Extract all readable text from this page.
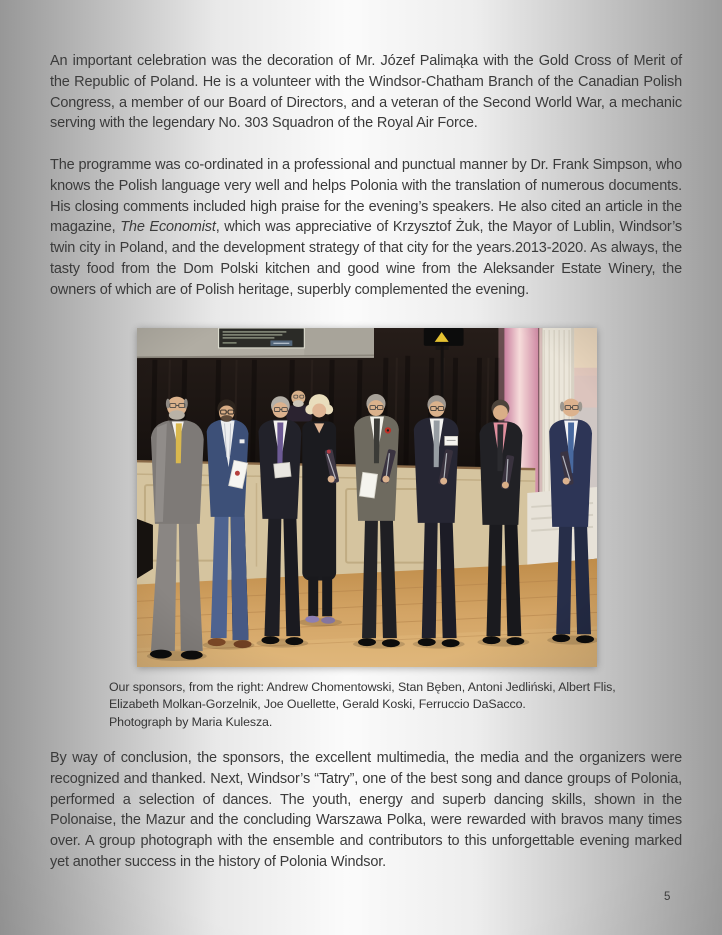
An important celebration was the decoration of Mr. Józef Palimąka with the Gold Cross of Merit of the Republic of Poland. He is a volunteer with the Windsor-Chatham Branch of the Canadian Polish Congress, a member of our Board of Directors, and a veteran of the Second World War, a mechanic serving with the legendary No. 303 Squadron of the Royal Air Force.
The programme was co-ordinated in a professional and punctual manner by Dr. Frank Simpson, who knows the Polish language very well and helps Polonia with the translation of numerous documents. His closing comments included high praise for the evening’s speakers. He also cited an article in the magazine, The Economist, which was appreciative of Krzysztof Żuk, the Mayor of Lublin, Windsor’s twin city in Poland, and the development strategy of that city for the years.2013-2020. As always, the tasty food from the Dom Polski kitchen and good wine from the Aleksander Estate Winery, the owners of which are of Polish heritage, superbly complemented the evening.
Our sponsors, from the right: Andrew Chomentowski, Stan Bęben, Antoni Jedliński, Albert Flis,
Elizabeth Molkan-Gorzelnik, Joe Ouellette, Gerald Koski, Ferruccio DaSacco.
Photograph by Maria Kulesza.
By way of conclusion, the sponsors, the excellent multimedia, the media and the organizers were recognized and thanked. Next, Windsor’s “Tatry”, one of the best song and dance groups of Polonia, performed a selection of dances. The youth, energy and superb dancing skills, shown in the Polonaise, the Mazur and the concluding Warszawa Polka, were rewarded with bravos many times over. A group photograph with the ensemble and contributors to this unforgettable evening marked yet another success in the history of Polonia Windsor.
5
